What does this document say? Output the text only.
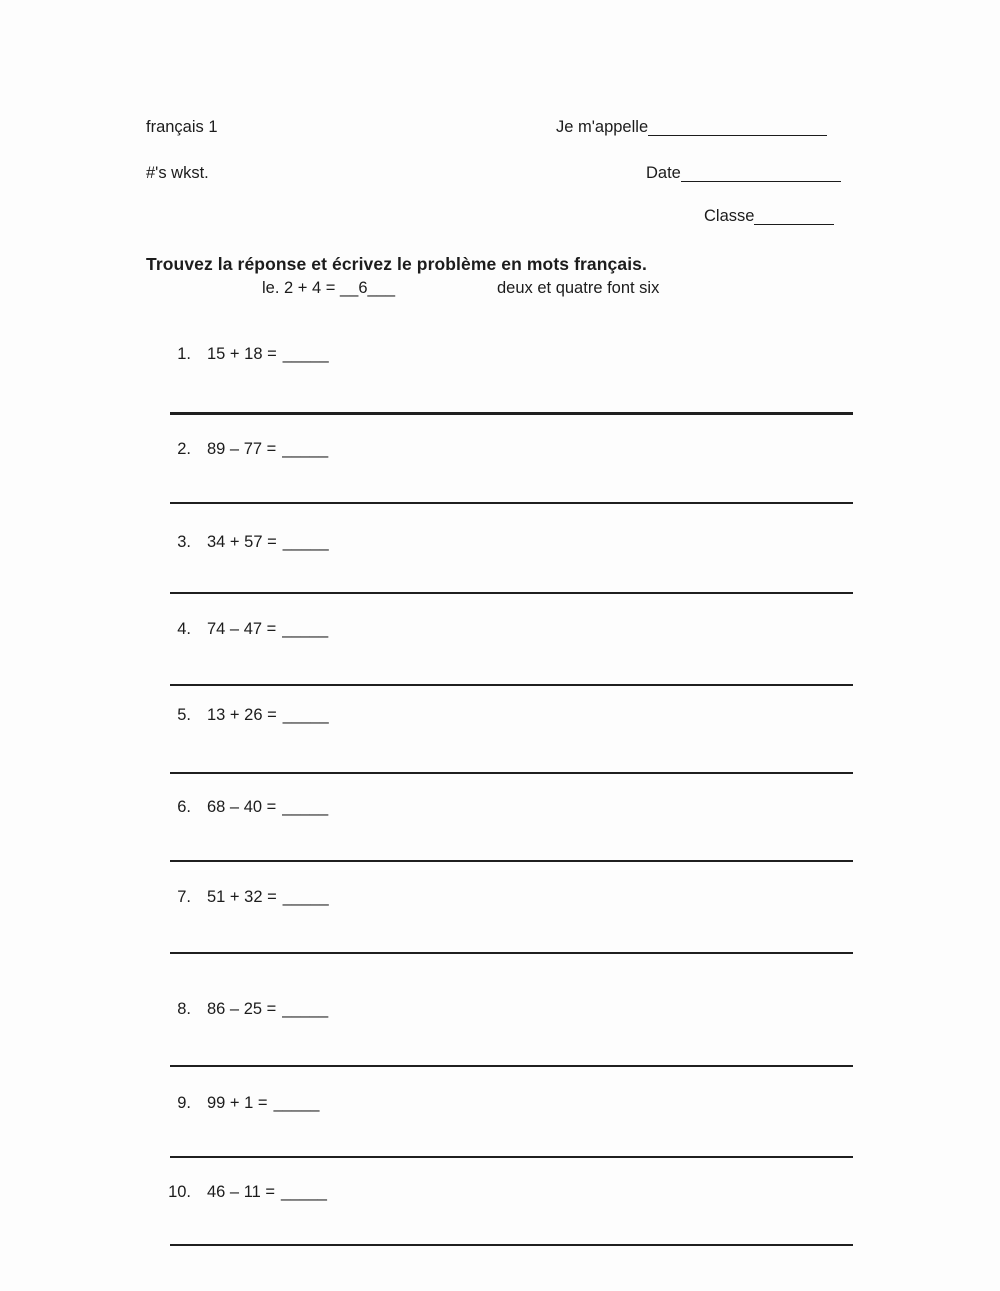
français 1
#'s wkst.
Je m'appelle
Date
Classe
Trouvez la réponse et écrivez le problème en mots français.
le. 2 + 4 = __6___	deux et quatre font six
1. 15 + 18 = _____
2. 89 – 77 = _____
3. 34 + 57 = _____
4. 74 – 47 = _____
5. 13 + 26 = _____
6. 68 – 40 = _____
7. 51 + 32 = _____
8. 86 – 25 = _____
9. 99 + 1 = _____
10. 46 – 11 = _____
